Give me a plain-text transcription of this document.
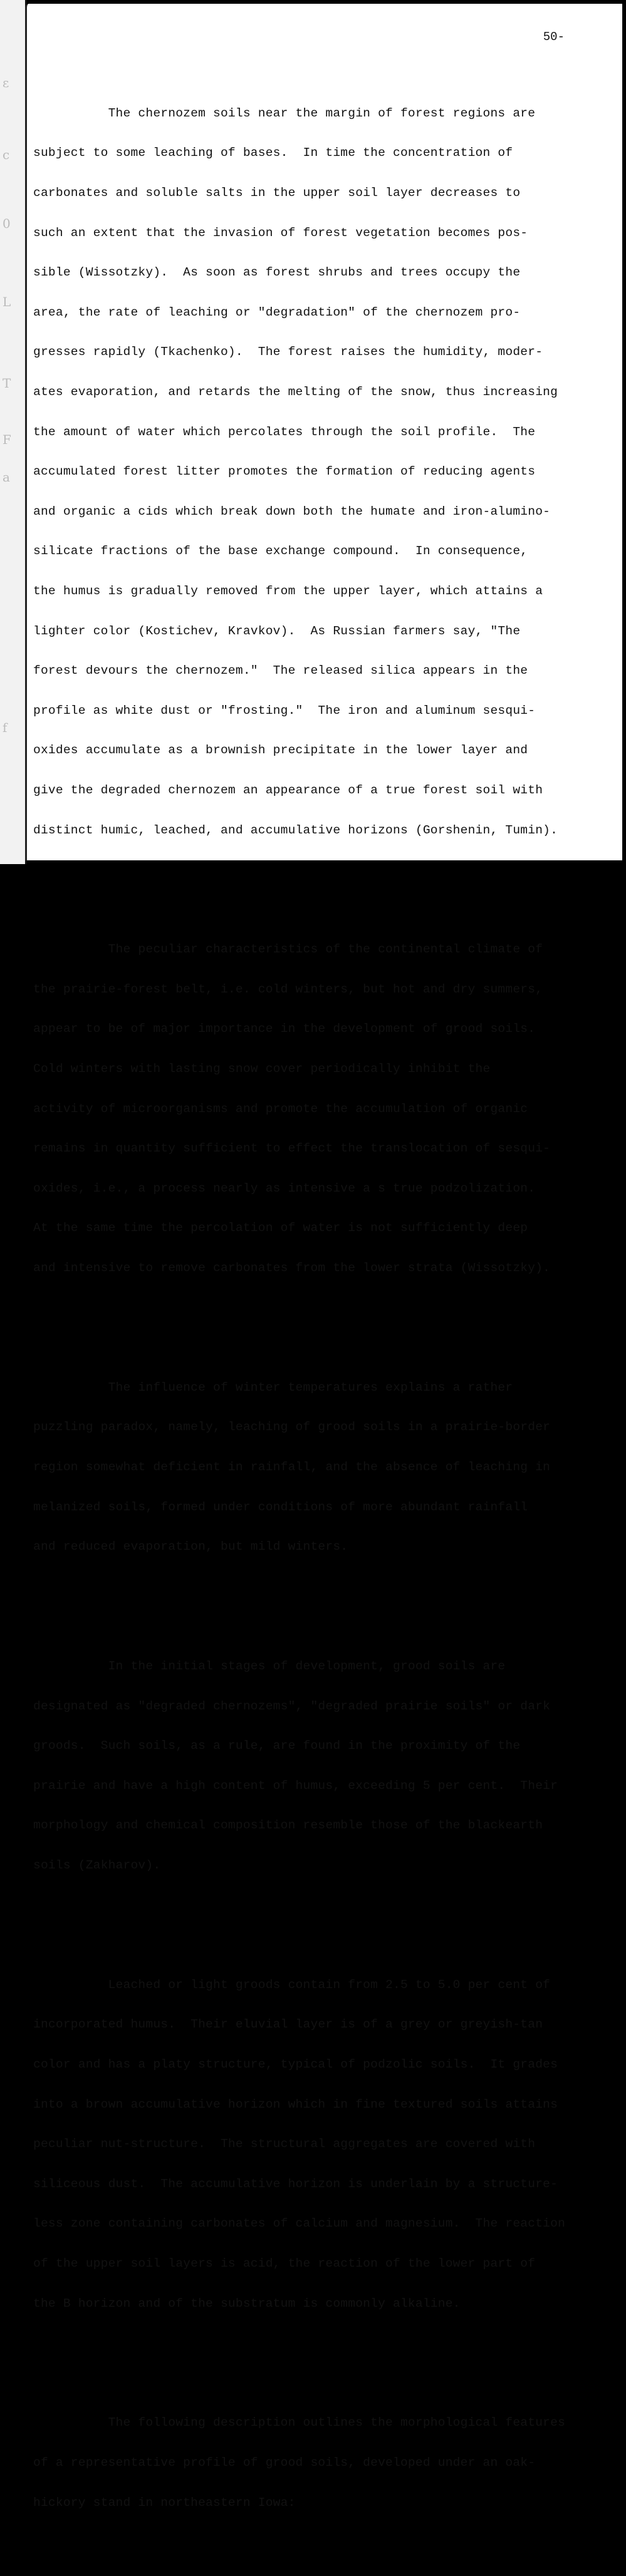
ε
c
0
L
T
F
a
f
50-

The chernozem soils near the margin of forest regions are

subject to some leaching of bases.  In time the concentration of

carbonates and soluble salts in the upper soil layer decreases to

such an extent that the invasion of forest vegetation becomes pos-

sible (Wissotzky).  As soon as forest shrubs and trees occupy the

area, the rate of leaching or "degradation" of the chernozem pro-

gresses rapidly (Tkachenko).  The forest raises the humidity, moder-

ates evaporation, and retards the melting of the snow, thus increasing

the amount of water which percolates through the soil profile.  The

accumulated forest litter promotes the formation of reducing agents

and organic a cids which break down both the humate and iron-alumino-

silicate fractions of the base exchange compound.  In consequence,

the humus is gradually removed from the upper layer, which attains a

lighter color (Kostichev, Kravkov).  As Russian farmers say, "The

forest devours the chernozem."  The released silica appears in the

profile as white dust or "frosting."  The iron and aluminum sesqui-

oxides accumulate as a brownish precipitate in the lower layer and

give the degraded chernozem an appearance of a true forest soil with

distinct humic, leached, and accumulative horizons (Gorshenin, Tumin).

The peculiar characteristics of the continental climate of

the prairie-forest belt, i.e. cold winters, but hot and dry summers,

appear to be of major importance in the development of grood soils.

Cold winters with lasting snow cover periodically inhibit the

activity of microorganisms and promote the accumulation of organic

remains in quantity sufficient to effect the translocation of sesqui-

oxides, i.e., a process nearly as intensive a s true podzolization.

At the same time the percolation of water is not sufficiently deep

and intensive to remove carbonates from the lower strata (Wissotzky).

The influence of winter temperatures explains a rather

puzzling paradox, namely, leaching of grood soils in a prairie-border

region somewhat deficient in rainfall, and the absence of leaching in

melanized soils, formed under conditions of more abundant rainfall

and reduced evaporation, but mild winters.

In the initial stages of development, grood soils are

designated as "degraded chernozems", "degraded prairie soils" or dark

groods.  Such soils, as a rule, are found in the proximity of the

prairie and have a high content of humus, exceeding 5 per cent.  Their

morphology and chemical composition resemble those of the blackearth

soils (Zakharov).

Leached or light groods contain from 2.5 to 5.0 per cent of

incorporated humus.  Their eluvial layer is of a grey or greyish-tan

color and has a platy structure, typical of podzolic soils.  It grades

into a brown accumulative horizon which in fine textured soils attains

peculiar nut-structure.  The structural aggregates are covered with

siliceous dust.  The accumulative horizon is underlain by a structure-

less zone containing carbonates of calcium and magnesium.  The reaction

of the upper soil layers is acid, the reaction of the lower part of

the B horizon and of the substratum is commonly alkaline.

The following description outlines the morphological features

of a representative profile of grood soils, developed under an oak-

hickory stand in northeastern Iowa:
